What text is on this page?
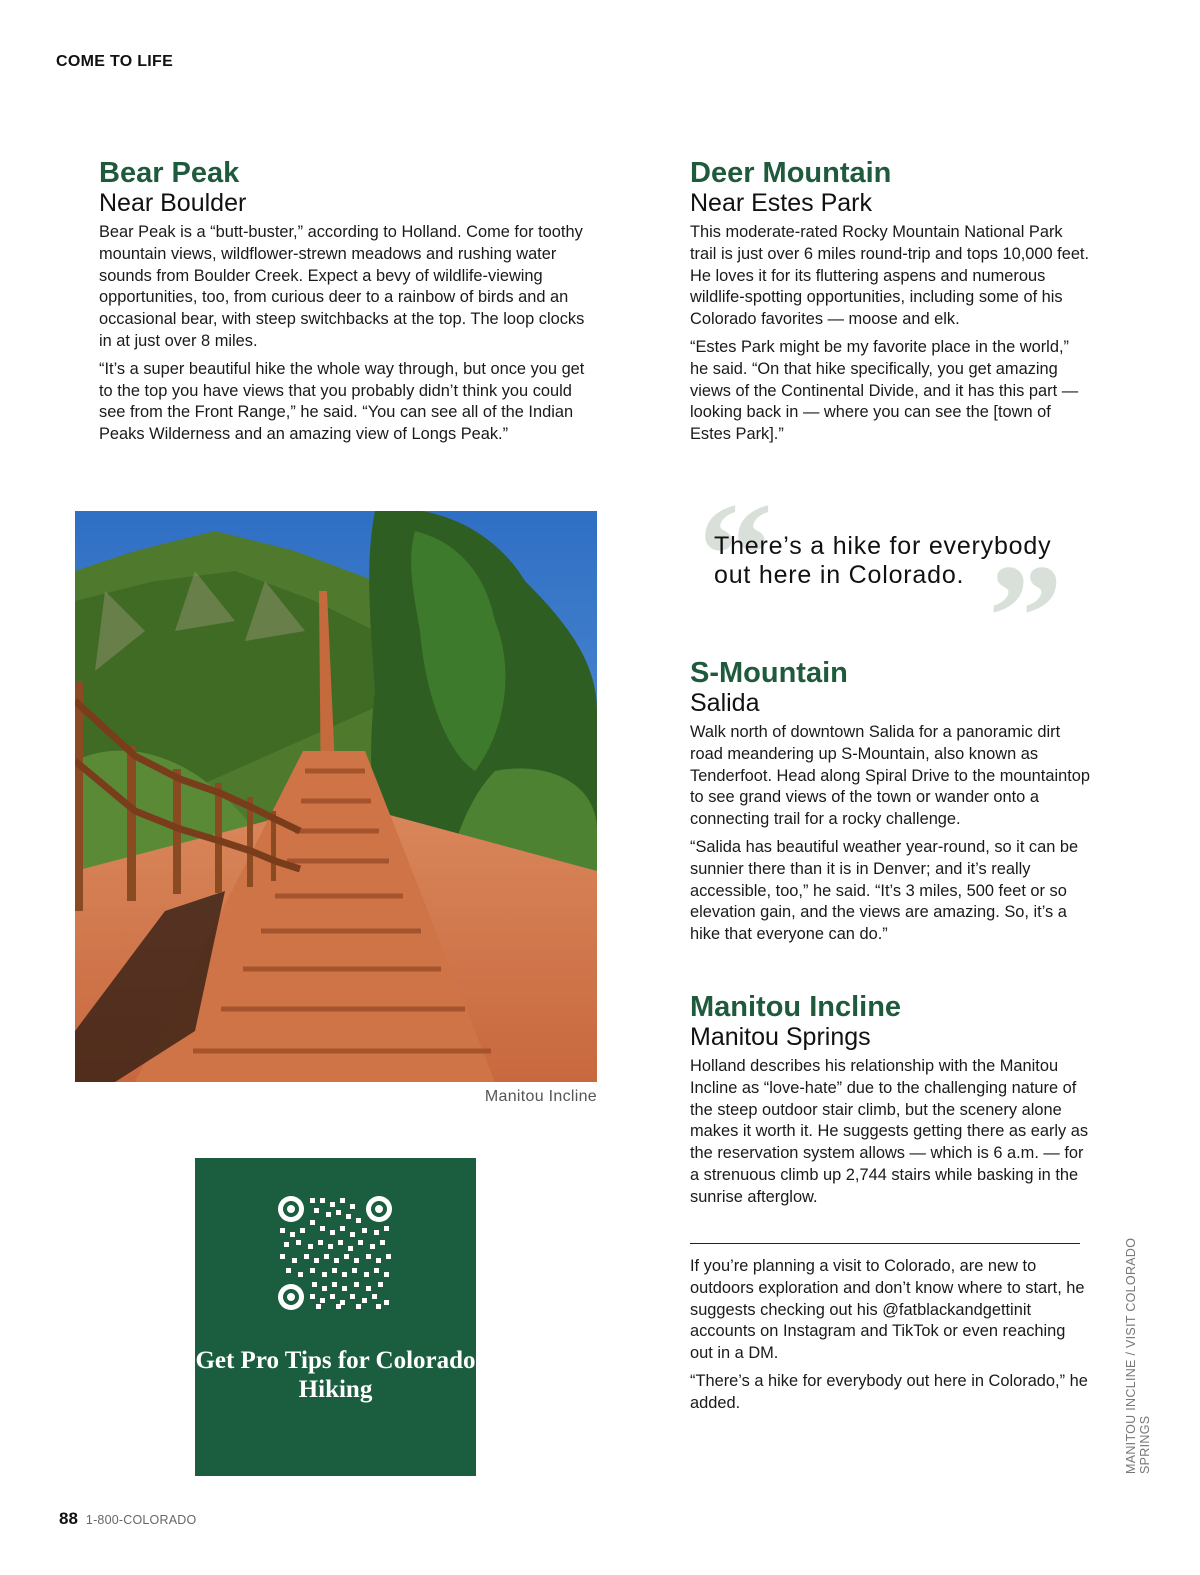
COME TO LIFE
Bear Peak
Near Boulder

Bear Peak is a “butt-buster,” according to Holland. Come for toothy mountain views, wildflower-strewn meadows and rushing water sounds from Boulder Creek. Expect a bevy of wildlife-viewing opportunities, too, from curious deer to a rainbow of birds and an occasional bear, with steep switchbacks at the top. The loop clocks in at just over 8 miles.

“It’s a super beautiful hike the whole way through, but once you get to the top you have views that you probably didn’t think you could see from the Front Range,” he said. “You can see all of the Indian Peaks Wilderness and an amazing view of Longs Peak.”

Deer Mountain
Near Estes Park

This moderate-rated Rocky Mountain National Park trail is just over 6 miles round-trip and tops 10,000 feet. He loves it for its fluttering aspens and numerous wildlife-spotting opportunities, including some of his Colorado favorites — moose and elk.

“Estes Park might be my favorite place in the world,” he said. “On that hike specifically, you get amazing views of the Continental Divide, and it has this part — looking back in — where you can see the [town of Estes Park].”

Manitou Incline
Get Pro Tips for Colorado Hiking
“ ”
There’s a hike for everybody out here in Colorado.
S-Mountain
Salida

Walk north of downtown Salida for a panoramic dirt road meandering up S-Mountain, also known as Tenderfoot. Head along Spiral Drive to the mountaintop to see grand views of the town or wander onto a connecting trail for a rocky challenge.

“Salida has beautiful weather year-round, so it can be sunnier there than it is in Denver; and it’s really accessible, too,” he said. “It’s 3 miles, 500 feet or so elevation gain, and the views are amazing. So, it’s a hike that everyone can do.”

Manitou Incline
Manitou Springs

Holland describes his relationship with the Manitou Incline as “love-hate” due to the challenging nature of the steep outdoor stair climb, but the scenery alone makes it worth it. He suggests getting there as early as the reservation system allows — which is 6 a.m. — for a strenuous climb up 2,744 stairs while basking in the sunrise afterglow.

If you’re planning a visit to Colorado, are new to outdoors exploration and don’t know where to start, he suggests checking out his @fatblackandgettinit accounts on Instagram and TikTok or even reaching out in a DM.

“There’s a hike for everybody out here in Colorado,” he added.	MANITOU INCLINE / VISIT COLORADO SPRINGS
88 1-800-COLORADO
